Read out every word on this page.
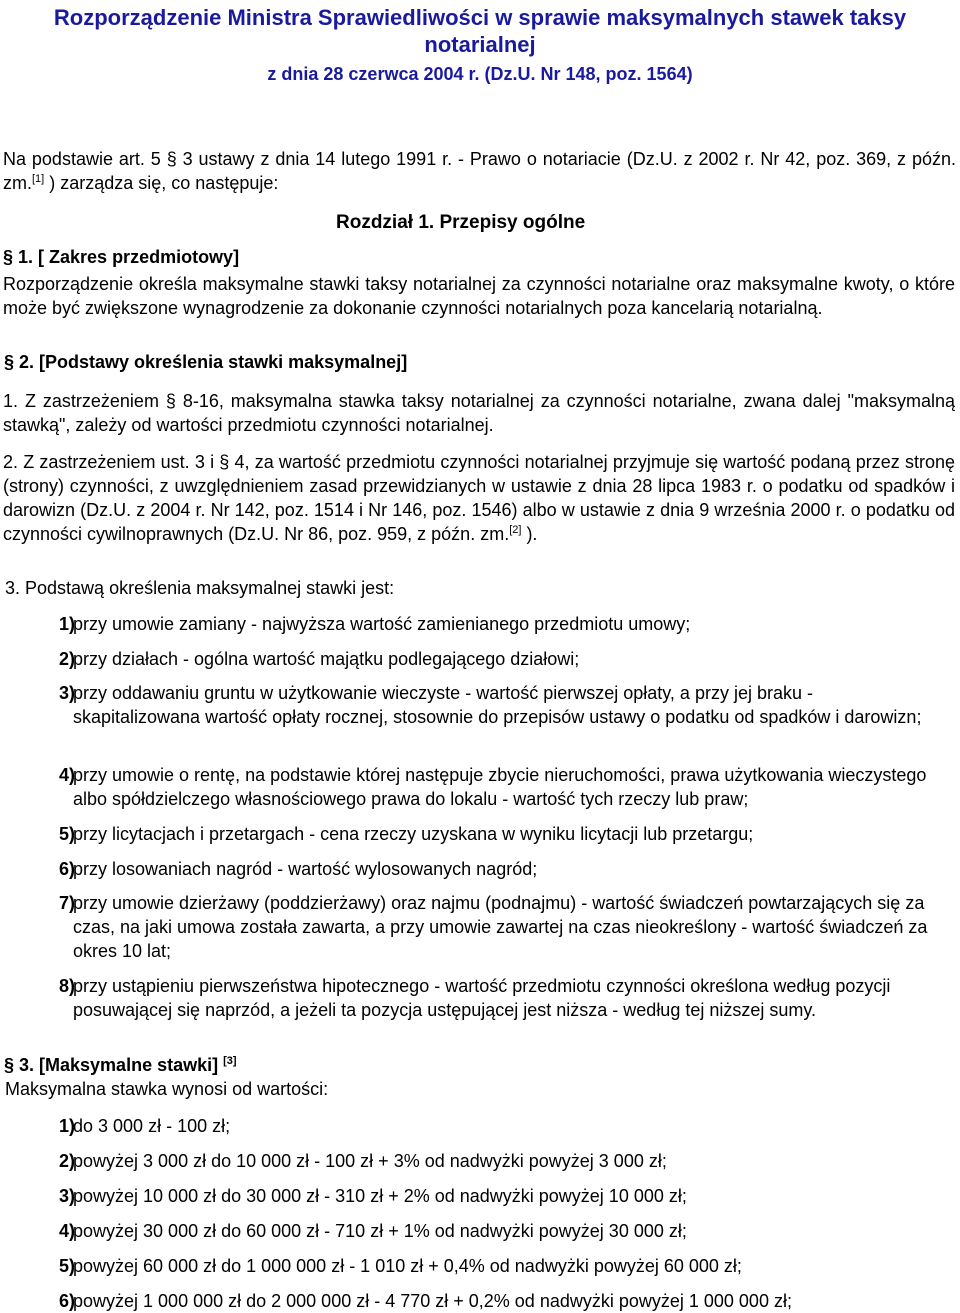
Rozporządzenie Ministra Sprawiedliwości w sprawie maksymalnych stawek taksy notarialnej
z dnia 28 czerwca 2004 r. (Dz.U. Nr 148, poz. 1564)

Na podstawie art. 5 § 3 ustawy z dnia 14 lutego 1991 r. - Prawo o notariacie (Dz.U. z 2002 r. Nr 42, poz. 369, z późn. zm.[1] ) zarządza się, co następuje:

Rozdział 1. Przepisy ogólne
§ 1. [ Zakres przedmiotowy]

Rozporządzenie określa maksymalne stawki taksy notarialnej za czynności notarialne oraz maksymalne kwoty, o które może być zwiększone wynagrodzenie za dokonanie czynności notarialnych poza kancelarią notarialną.

§ 2. [Podstawy określenia stawki maksymalnej]

1. Z zastrzeżeniem § 8-16, maksymalna stawka taksy notarialnej za czynności notarialne, zwana dalej "maksymalną stawką", zależy od wartości przedmiotu czynności notarialnej.

2. Z zastrzeżeniem ust. 3 i § 4, za wartość przedmiotu czynności notarialnej przyjmuje się wartość podaną przez stronę (strony) czynności, z uwzględnieniem zasad przewidzianych w ustawie z dnia 28 lipca 1983 r. o podatku od spadków i darowizn (Dz.U. z 2004 r. Nr 142, poz. 1514 i Nr 146, poz. 1546) albo w ustawie z dnia 9 września 2000 r. o podatku od czynności cywilnoprawnych (Dz.U. Nr 86, poz. 959, z późn. zm.[2] ).

3. Podstawą określenia maksymalnej stawki jest:

1)
przy umowie zamiany - najwyższa wartość zamienianego przedmiotu umowy;
2)
przy działach - ogólna wartość majątku podlegającego działowi;
3)
przy oddawaniu gruntu w użytkowanie wieczyste - wartość pierwszej opłaty, a przy jej braku - skapitalizowana wartość opłaty rocznej, stosownie do przepisów ustawy o podatku od spadków i darowizn;
4)
przy umowie o rentę, na podstawie której następuje zbycie nieruchomości, prawa użytkowania wieczystego albo spółdzielczego własnościowego prawa do lokalu - wartość tych rzeczy lub praw;
5)
przy licytacjach i przetargach - cena rzeczy uzyskana w wyniku licytacji lub przetargu;
6)
przy losowaniach nagród - wartość wylosowanych nagród;
7)
przy umowie dzierżawy (poddzierżawy) oraz najmu (podnajmu) - wartość świadczeń powtarzających się za czas, na jaki umowa została zawarta, a przy umowie zawartej na czas nieokreślony - wartość świadczeń za okres 10 lat;
8)
przy ustąpieniu pierwszeństwa hipotecznego - wartość przedmiotu czynności określona według pozycji posuwającej się naprzód, a jeżeli ta pozycja ustępującej jest niższa - według tej niższej sumy.
§ 3. [Maksymalne stawki] [3]

Maksymalna stawka wynosi od wartości:

1)
do 3 000 zł - 100 zł;
2)
powyżej 3 000 zł do 10 000 zł - 100 zł + 3% od nadwyżki powyżej 3 000 zł;
3)
powyżej 10 000 zł do 30 000 zł - 310 zł + 2% od nadwyżki powyżej 10 000 zł;
4)
powyżej 30 000 zł do 60 000 zł - 710 zł + 1% od nadwyżki powyżej 30 000 zł;
5)
powyżej 60 000 zł do 1 000 000 zł - 1 010 zł + 0,4% od nadwyżki powyżej 60 000 zł;
6)
powyżej 1 000 000 zł do 2 000 000 zł - 4 770 zł + 0,2% od nadwyżki powyżej 1 000 000 zł;
